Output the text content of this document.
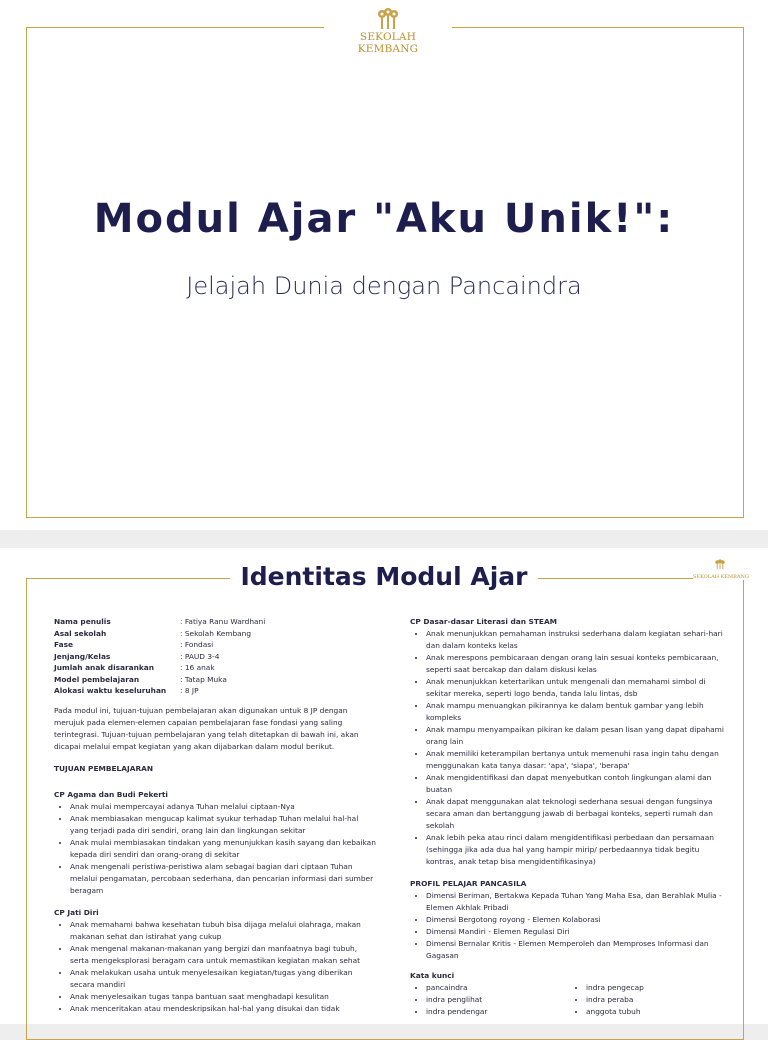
SEKOLAH KEMBANG
Modul Ajar "Aku Unik!":
Jelajah Dunia dengan Pancaindra
SEKOLAH KEMBANG
Identitas Modul Ajar
Nama penulis	: Fatiya Ranu Wardhani
Asal sekolah	: Sekolah Kembang
Fase	: Fondasi
Jenjang/Kelas	: PAUD 3-4
Jumlah anak disarankan	: 16 anak
Model pembelajaran	: Tatap Muka
Alokasi waktu keseluruhan	: 8 JP
Pada modul ini, tujuan-tujuan pembelajaran akan digunakan untuk 8 JP dengan merujuk pada elemen-elemen capaian pembelajaran fase fondasi yang saling terintegrasi. Tujuan-tujuan pembelajaran yang telah ditetapkan di bawah ini, akan dicapai melalui empat kegiatan yang akan dijabarkan dalam modul berikut.
TUJUAN PEMBELAJARAN
CP Agama dan Budi Pekerti
• Anak mulai mempercayai adanya Tuhan melalui ciptaan-Nya
• Anak membiasakan mengucap kalimat syukur terhadap Tuhan melalui hal-hal yang terjadi pada diri sendiri, orang lain dan lingkungan sekitar
• Anak mulai membiasakan tindakan yang menunjukkan kasih sayang dan kebaikan kepada diri sendiri dan orang-orang di sekitar
• Anak mengenali peristiwa-peristiwa alam sebagai bagian dari ciptaan Tuhan melalui pengamatan, percobaan sederhana, dan pencarian informasi dari sumber beragam
CP Jati Diri
• Anak memahami bahwa kesehatan tubuh bisa dijaga melalui olahraga, makan makanan sehat dan istirahat yang cukup
• Anak mengenal makanan-makanan yang bergizi dan manfaatnya bagi tubuh, serta mengeksplorasi beragam cara untuk memastikan kegiatan makan sehat
• Anak melakukan usaha untuk menyelesaikan kegiatan/tugas yang diberikan secara mandiri
• Anak menyelesaikan tugas tanpa bantuan saat menghadapi kesulitan
• Anak menceritakan atau mendeskripsikan hal-hal yang disukai dan tidak
CP Dasar-dasar Literasi dan STEAM
• Anak menunjukkan pemahaman instruksi sederhana dalam kegiatan sehari-hari dan dalam konteks kelas
• Anak merespons pembicaraan dengan orang lain sesuai konteks pembicaraan, seperti saat bercakap dan dalam diskusi kelas
• Anak menunjukkan ketertarikan untuk mengenali dan memahami simbol di sekitar mereka, seperti logo benda, tanda lalu lintas, dsb
• Anak mampu menuangkan pikirannya ke dalam bentuk gambar yang lebih kompleks
• Anak mampu menyampaikan pikiran ke dalam pesan lisan yang dapat dipahami orang lain
• Anak memiliki keterampilan bertanya untuk memenuhi rasa ingin tahu dengan menggunakan kata tanya dasar: 'apa', 'siapa', 'berapa'
• Anak mengidentifikasi dan dapat menyebutkan contoh lingkungan alami dan buatan
• Anak dapat menggunakan alat teknologi sederhana sesuai dengan fungsinya secara aman dan bertanggung jawab di berbagai konteks, seperti rumah dan sekolah
• Anak lebih peka atau rinci dalam mengidentifikasi perbedaan dan persamaan (sehingga jika ada dua hal yang hampir mirip/ perbedaannya tidak begitu kontras, anak tetap bisa mengidentifikasinya)
PROFIL PELAJAR PANCASILA
• Dimensi Beriman, Bertakwa Kepada Tuhan Yang Maha Esa, dan Berahlak Mulia - Elemen Akhlak Pribadi
• Dimensi Bergotong royong - Elemen Kolaborasi
• Dimensi Mandiri - Elemen Regulasi Diri
• Dimensi Bernalar Kritis - Elemen Memperoleh dan Memproses Informasi dan Gagasan
Kata kunci
• pancaindra
• indra penglihat
• indra pendengar
• indra pengecap
• indra peraba
• anggota tubuh
